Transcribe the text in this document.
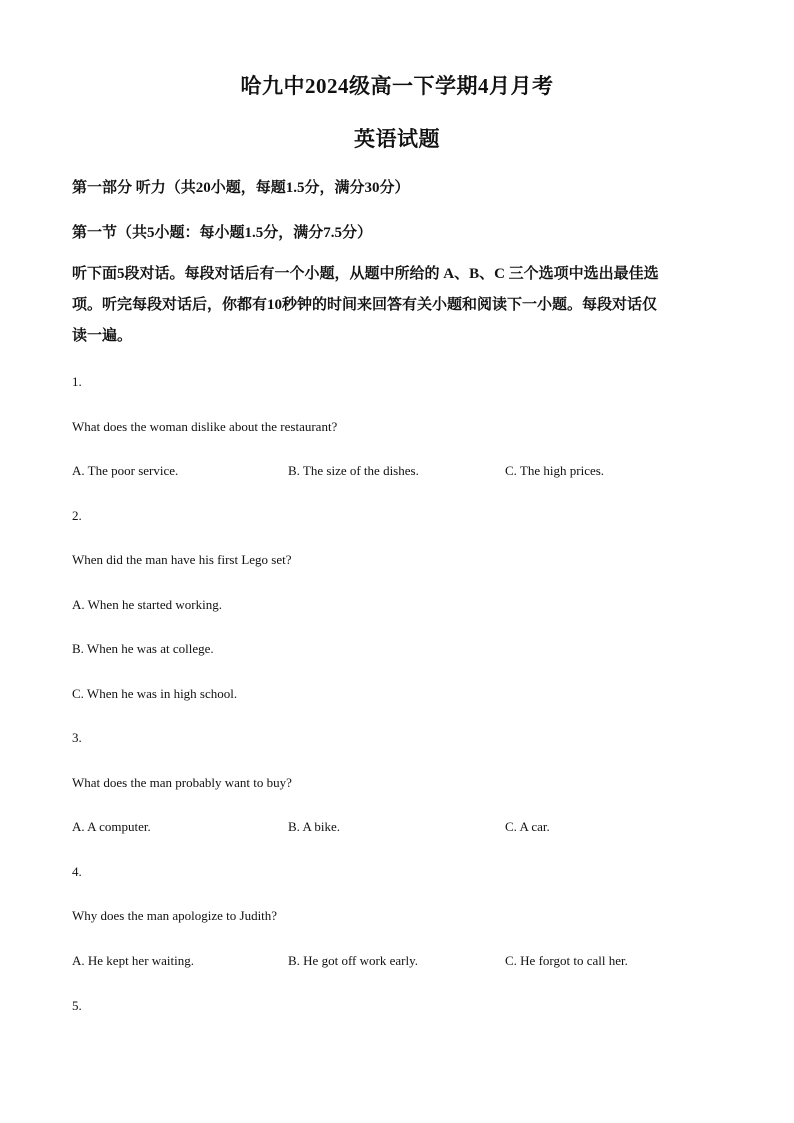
哈九中2024级高一下学期4月月考
英语试题
第一部分 听力（共20小题，每题1.5分，满分30分）
第一节（共5小题：每小题1.5分，满分7.5分）
听下面5段对话。每段对话后有一个小题，从题中所给的 A、B、C 三个选项中选出最佳选
项。听完每段对话后，你都有10秒钟的时间来回答有关小题和阅读下一小题。每段对话仅
读一遍。
1.
What does the woman dislike about the restaurant?
A. The poor service.	B. The size of the dishes.	C. The high prices.
2.
When did the man have his first Lego set?
A. When he started working.
B. When he was at college.
C. When he was in high school.
3.
What does the man probably want to buy?
A. A computer.	B. A bike.	C. A car.
4.
Why does the man apologize to Judith?
A. He kept her waiting.	B. He got off work early.	C. He forgot to call her.
5.
